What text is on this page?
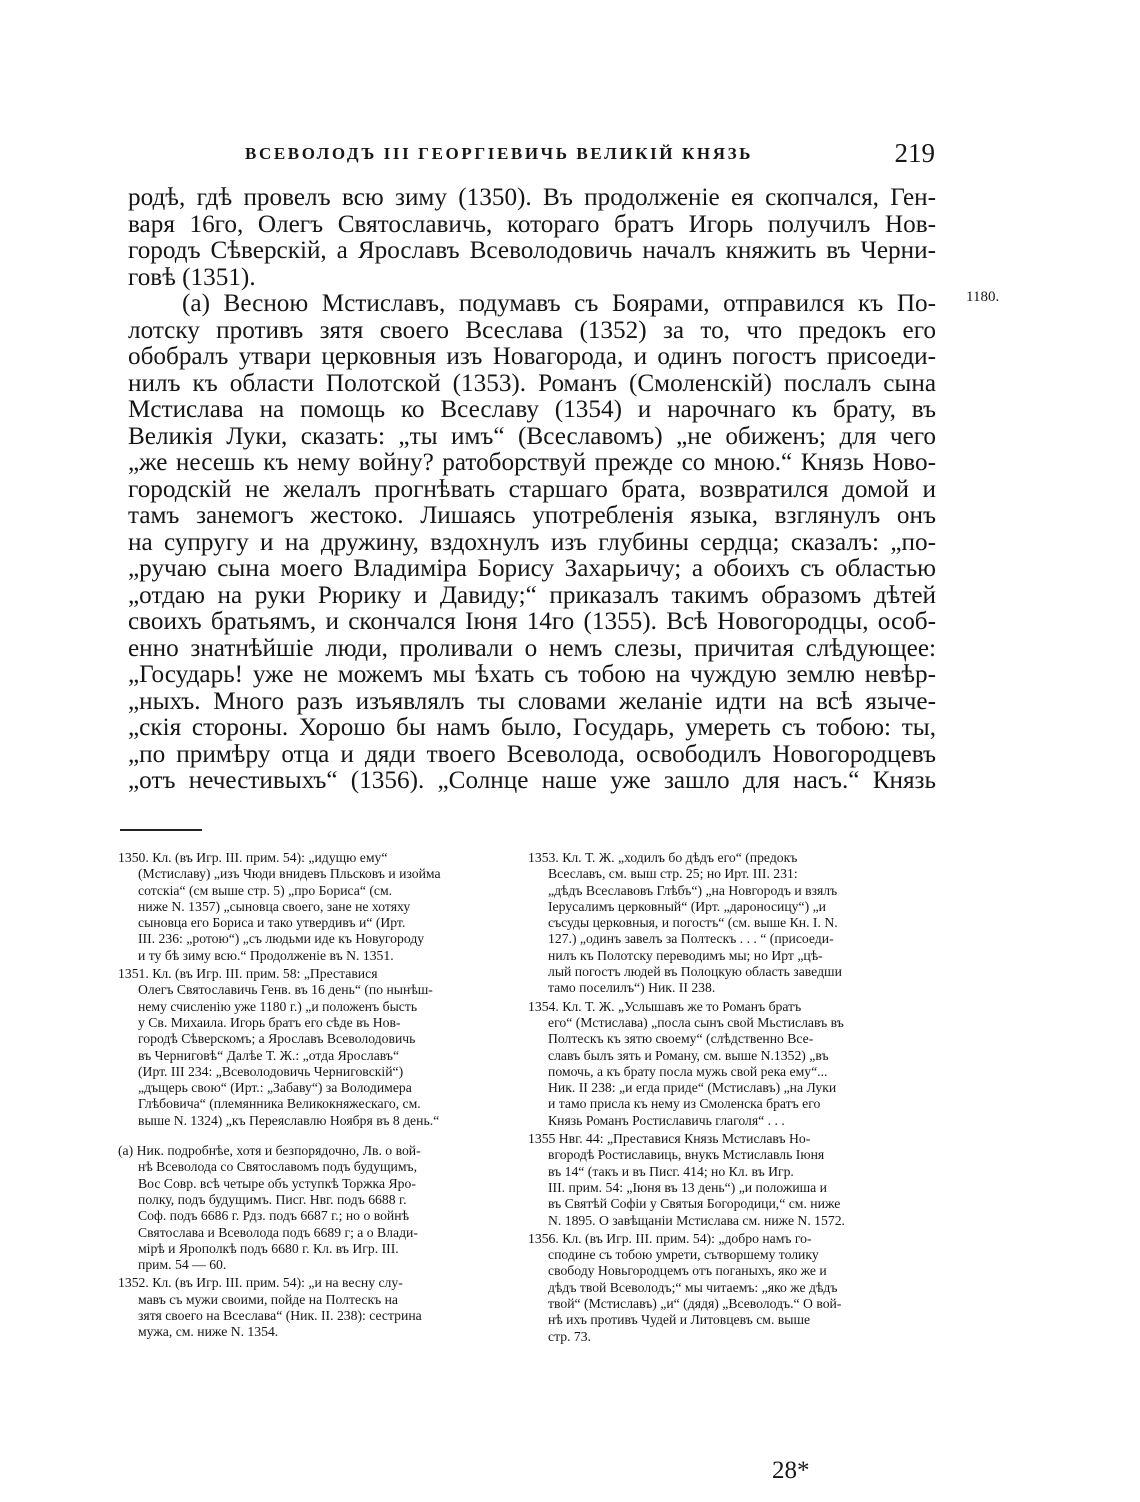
ВСЕВОЛОДЪ III ГЕОРГІЕВИЧЬ ВЕЛИКІЙ КНЯЗЬ	219
1180.
родѣ, гдѣ провелъ всю зиму (1350). Въ продолженіе ея скопчался, Ген-
варя 16го, Олегъ Святославичь, котораго братъ Игорь получилъ Нов-
городъ Сѣверскій, а Ярославъ Всеволодовичь началъ княжить въ Черни-
говѣ (1351).
(а) Весною Мстиславъ, подумавъ съ Боярами, отправился къ По-
лотску противъ зятя своего Всеслава (1352) за то, что предокъ его
обобралъ утвари церковныя изъ Новагорода, и одинъ погостъ присоеди-
нилъ къ области Полотской (1353). Романъ (Смоленскій) послалъ сына
Мстислава на помощь ко Всеславу (1354) и нарочнаго къ брату, въ
Великія Луки, сказать: „ты имъ“ (Всеславомъ) „не обиженъ; для чего
„же несешь къ нему войну? ратоборствуй прежде со мною.“ Князь Ново-
городскій не желалъ прогнѣвать старшаго брата, возвратился домой и
тамъ занемогъ жестоко. Лишаясь употребленія языка, взглянулъ онъ
на супругу и на дружину, вздохнулъ изъ глубины сердца; сказалъ: „по-
„ручаю сына моего Владиміра Борису Захарьичу; а обоихъ съ областью
„отдаю на руки Рюрику и Давиду;“ приказалъ такимъ образомъ дѣтей
своихъ братьямъ, и скончался Іюня 14го (1355). Всѣ Новогородцы, особ-
енно знатнѣйшіе люди, проливали о немъ слезы, причитая слѣдующее:
„Государь! уже не можемъ мы ѣхать съ тобою на чуждую землю невѣр-
„ныхъ. Много разъ изъявлялъ ты словами желаніе идти на всѣ языче-
„скія стороны. Хорошо бы намъ было, Государь, умереть съ тобою: ты,
„по примѣру отца и дяди твоего Всеволода, освободилъ Новогородцевъ
„отъ нечестивыхъ“ (1356). „Солнце наше уже зашло для насъ.“ Князь
1350. Кл. (въ Игр. III. прим. 54): „идущю ему“
(Мстиславу) „изъ Чюди внидевъ Пльсковъ и изойма
сотскіа“ (см выше стр. 5) „про Бориса“ (см.
ниже N. 1357) „сыновца своего, зане не хотяху
сыновца его Бориса и тако утвердивъ и“ (Ирт.
III. 236: „ротою“) „съ людьми иде къ Новугороду
и ту бѣ зиму всю.“ Продолженіе въ N. 1351.
1351. Кл. (въ Игр. III. прим. 58: „Преставися
Олегъ Святославичь Генв. въ 16 день“ (по нынѣш-
нему счисленію уже 1180 г.) „и положенъ бысть
у Св. Михаила. Игорь братъ его сѣде въ Нов-
городѣ Сѣверскомъ; а Ярославъ Всеволодовичь
въ Черниговѣ“ Далѣе Т. Ж.: „отда Ярославъ“
(Ирт. III 234: „Всеволодовичь Черниговскій“)
„дъщерь свою“ (Ирт.: „Забаву“) за Володимера
Глѣбовича“ (племянника Великокняжескаго, см.
выше N. 1324) „къ Переяславлю Ноября въ 8 день.“
(а) Ник. подробнѣе, хотя и безпорядочно, Лв. о вой-
нѣ Всеволода со Святославомъ подъ будущимъ,
Вос Совр. всѣ четыре объ уступкѣ Торжка Яро-
полку, подъ будущимъ. Пиcг. Нвг. подъ 6688 г.
Соф. подъ 6686 г. Рдз. подъ 6687 г.; но о войнѣ
Святослава и Всеволода подъ 6689 г; а о Влади-
мірѣ и Ярополкѣ подъ 6680 г. Кл. въ Игр. III.
прим. 54 — 60.
1352. Кл. (въ Игр. III. прим. 54): „и на весну слу-
мавъ съ мужи своими, пойде на Полтескъ на
зятя своего на Всеслава“ (Ник. II. 238): сестрина
мужа, см. ниже N. 1354.
1353. Кл. Т. Ж. „ходилъ бо дѣдъ его“ (предокъ
Всеславъ, см. выш стр. 25; но Ирт. III. 231:
„дѣдъ Всеславовъ Глѣбъ“) „на Новгородъ и взялъ
Іерусалимъ церковный“ (Ирт. „дароносицу“) „и
съсуды церковныя, и погостъ“ (см. выше Кн. I. N.
127.) „одинъ завелъ за Полтескъ . . . “ (присоеди-
нилъ къ Полотску переводимъ мы; но Ирт „цѣ-
лый погостъ людей въ Полоцкую область заведши
тамо поселилъ“) Ник. II 238.
1354. Кл. Т. Ж. „Услышавъ же то Романъ братъ
его“ (Мстислава) „посла сынъ свой Мьстиславъ въ
Полтескъ къ зятю своему“ (слѣдственно Все-
славъ былъ зять и Роману, см. выше N.1352) „въ
помочь, а къ брату посла мужь свой река ему“...
Ник. II 238: „и егда приде“ (Мстиславъ) „на Луки
и тамо присла къ нему из Смоленска братъ его
Князь Романъ Ростиславичь глаголя“ . . .
1355 Нвг. 44: „Преставися Князь Мстиславъ Но-
вгородѣ Ростиславиць, внукъ Мстиславль Іюня
въ 14“ (такъ и въ Пиcг. 414; но Кл. въ Игр.
III. прим. 54: „Іюня въ 13 день“) „и положиша и
въ Святѣй Софіи у Святыя Богородици,“ см. ниже
N. 1895. О завѣщаніи Мстислава см. ниже N. 1572.
1356. Кл. (въ Игр. III. прим. 54): „добро намъ го-
сподине съ тобою умрети, сътворшему толику
свободу Новьгородцемъ отъ поганыхъ, яко же и
дѣдъ твой Всеволодъ;“ мы читаемъ: „яко же дѣдъ
твой“ (Мстиславъ) „и“ (дядя) „Всеволодъ.“ О вой-
нѣ ихъ противъ Чудей и Литовцевъ см. выше
стр. 73.
28*
